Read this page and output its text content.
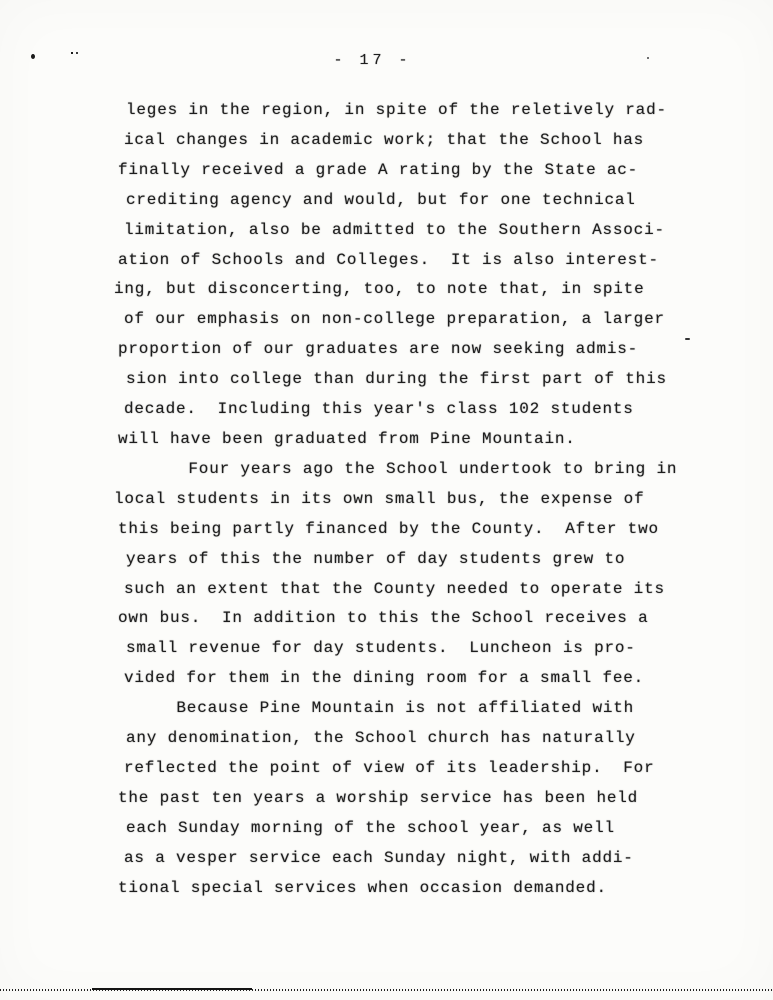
- 17 -
leges in the region, in spite of the reletively rad-
ical changes in academic work; that the School has
finally received a grade A rating by the State ac-
crediting agency and would, but for one technical
limitation, also be admitted to the Southern Associ-
ation of Schools and Colleges.  It is also interest-
ing, but disconcerting, too, to note that, in spite
of our emphasis on non-college preparation, a larger
proportion of our graduates are now seeking admis-
sion into college than during the first part of this
decade.  Including this year's class 102 students
will have been graduated from Pine Mountain.
Four years ago the School undertook to bring in
local students in its own small bus, the expense of
this being partly financed by the County.  After two
years of this the number of day students grew to
such an extent that the County needed to operate its
own bus.  In addition to this the School receives a
small revenue for day students.  Luncheon is pro-
vided for them in the dining room for a small fee.
Because Pine Mountain is not affiliated with
any denomination, the School church has naturally
reflected the point of view of its leadership.  For
the past ten years a worship service has been held
each Sunday morning of the school year, as well
as a vesper service each Sunday night, with addi-
tional special services when occasion demanded.
